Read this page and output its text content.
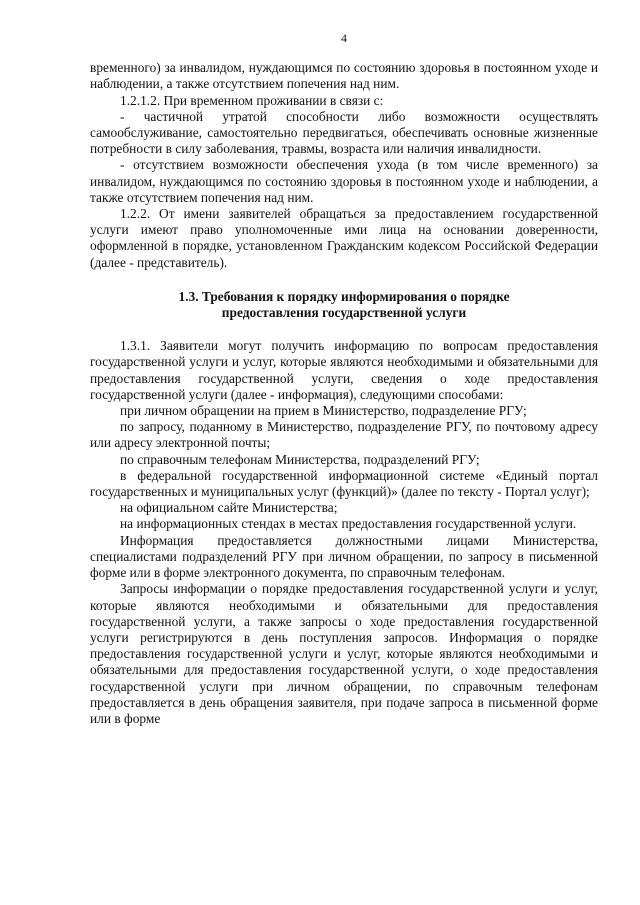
4

временного) за инвалидом, нуждающимся по состоянию здоровья в постоянном уходе и наблюдении, а также отсутствием попечения над ним.

1.2.1.2. При временном проживании в связи с:

- частичной утратой способности либо возможности осуществлять самообслуживание, самостоятельно передвигаться, обеспечивать основные жизненные потребности в силу заболевания, травмы, возраста или наличия инвалидности.

- отсутствием возможности обеспечения ухода (в том числе временного) за инвалидом, нуждающимся по состоянию здоровья в постоянном уходе и наблюдении, а также отсутствием попечения над ним.

1.2.2. От имени заявителей обращаться за предоставлением государственной услуги имеют право уполномоченные ими лица на основании доверенности, оформленной в порядке, установленном Гражданским кодексом Российской Федерации (далее - представитель).

1.3. Требования к порядку информирования о порядке
предоставления государственной услуги

1.3.1. Заявители могут получить информацию по вопросам предоставления государственной услуги и услуг, которые являются необходимыми и обязательными для предоставления государственной услуги, сведения о ходе предоставления государственной услуги (далее - информация), следующими способами:

при личном обращении на прием в Министерство, подразделение РГУ;

по запросу, поданному в Министерство, подразделение РГУ, по почтовому адресу или адресу электронной почты;

по справочным телефонам Министерства, подразделений РГУ;

в федеральной государственной информационной системе «Единый портал государственных и муниципальных услуг (функций)» (далее по тексту - Портал услуг);

на официальном сайте Министерства;

на информационных стендах в местах предоставления государственной услуги.

Информация предоставляется должностными лицами Министерства, специалистами подразделений РГУ при личном обращении, по запросу в письменной форме или в форме электронного документа, по справочным телефонам.

Запросы информации о порядке предоставления государственной услуги и услуг, которые являются необходимыми и обязательными для предоставления государственной услуги, а также запросы о ходе предоставления государственной услуги регистрируются в день поступления запросов. Информация о порядке предоставления государственной услуги и услуг, которые являются необходимыми и обязательными для предоставления государственной услуги, о ходе предоставления государственной услуги при личном обращении, по справочным телефонам предоставляется в день обращения заявителя, при подаче запроса в письменной форме или в форме
